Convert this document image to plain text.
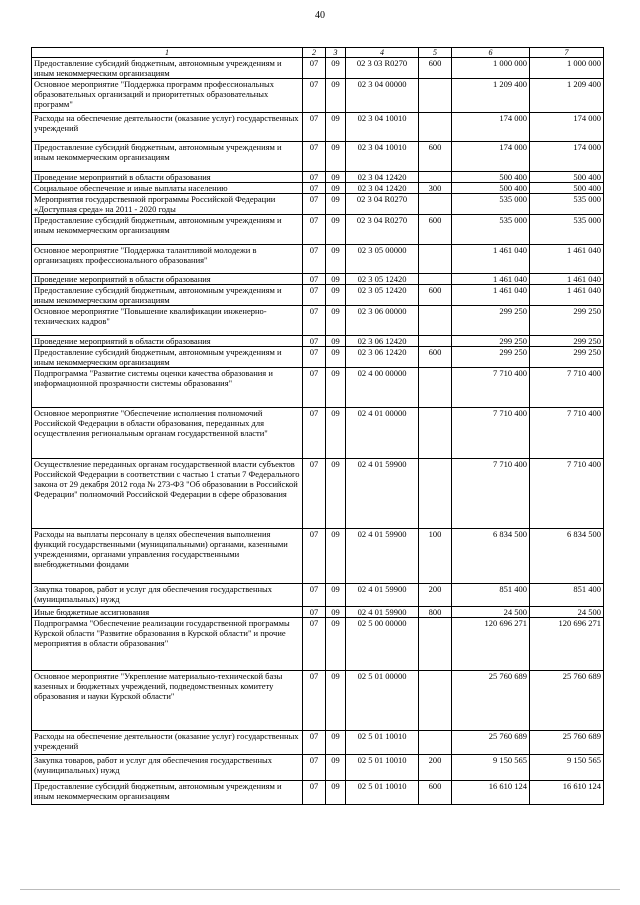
40
1	2	3	4	5	6	7
Предоставление субсидий бюджетным, автономным учреждениям и иным некоммерческим организациям	07	09	02 3 03 R0270	600	1 000 000	1 000 000
Основное мероприятие "Поддержка программ профессиональных образовательных организаций и приоритетных образовательных программ"	07	09	02 3 04 00000		1 209 400	1 209 400
Расходы на обеспечение деятельности (оказание услуг) государственных учреждений	07	09	02 3 04 10010		174 000	174 000
Предоставление субсидий бюджетным, автономным учреждениям и иным некоммерческим организациям	07	09	02 3 04 10010	600	174 000	174 000
Проведение мероприятий в области образования	07	09	02 3 04 12420		500 400	500 400
Социальное обеспечение и иные выплаты населению	07	09	02 3 04 12420	300	500 400	500 400
Мероприятия государственной программы Российской Федерации «Доступная среда» на 2011 - 2020 годы	07	09	02 3 04 R0270		535 000	535 000
Предоставление субсидий бюджетным, автономным учреждениям и иным некоммерческим организациям	07	09	02 3 04 R0270	600	535 000	535 000
Основное мероприятие "Поддержка талантливой молодежи в организациях профессионального образования"	07	09	02 3 05 00000		1 461 040	1 461 040
Проведение мероприятий в области образования	07	09	02 3 05 12420		1 461 040	1 461 040
Предоставление субсидий бюджетным, автономным учреждениям и иным некоммерческим организациям	07	09	02 3 05 12420	600	1 461 040	1 461 040
Основное мероприятие "Повышение квалификации инженерно-технических кадров"	07	09	02 3 06 00000		299 250	299 250
Проведение мероприятий в области образования	07	09	02 3 06 12420		299 250	299 250
Предоставление субсидий бюджетным, автономным учреждениям и иным некоммерческим организациям	07	09	02 3 06 12420	600	299 250	299 250
Подпрограмма "Развитие системы оценки качества образования и информационной прозрачности системы образования"	07	09	02 4 00 00000		7 710 400	7 710 400
Основное мероприятие "Обеспечение исполнения полномочий Российской Федерации в области образования, переданных для осуществления региональным органам государственной власти"	07	09	02 4 01 00000		7 710 400	7 710 400
Осуществление переданных органам государственной власти субъектов Российской Федерации в соответствии с частью 1 статьи 7 Федерального закона от 29 декабря 2012 года № 273-ФЗ "Об образовании в Российской Федерации" полномочий Российской Федерации в сфере образования	07	09	02 4 01 59900		7 710 400	7 710 400
Расходы на выплаты персоналу в целях обеспечения выполнения функций государственными (муниципальными) органами, казенными учреждениями, органами управления государственными внебюджетными фондами	07	09	02 4 01 59900	100	6 834 500	6 834 500
Закупка товаров, работ и услуг для обеспечения государственных (муниципальных) нужд	07	09	02 4 01 59900	200	851 400	851 400
Иные бюджетные ассигнования	07	09	02 4 01 59900	800	24 500	24 500
Подпрограмма "Обеспечение реализации государственной программы Курской области "Развитие образования в Курской области" и прочие мероприятия в области образования"	07	09	02 5 00 00000		120 696 271	120 696 271
Основное мероприятие "Укрепление материально-технической базы казенных и бюджетных учреждений, подведомственных комитету образования и науки Курской области"	07	09	02 5 01 00000		25 760 689	25 760 689
Расходы на обеспечение деятельности (оказание услуг) государственных учреждений	07	09	02 5 01 10010		25 760 689	25 760 689
Закупка товаров, работ и услуг для обеспечения государственных (муниципальных) нужд	07	09	02 5 01 10010	200	9 150 565	9 150 565
Предоставление субсидий бюджетным, автономным учреждениям и иным некоммерческим организациям	07	09	02 5 01 10010	600	16 610 124	16 610 124
